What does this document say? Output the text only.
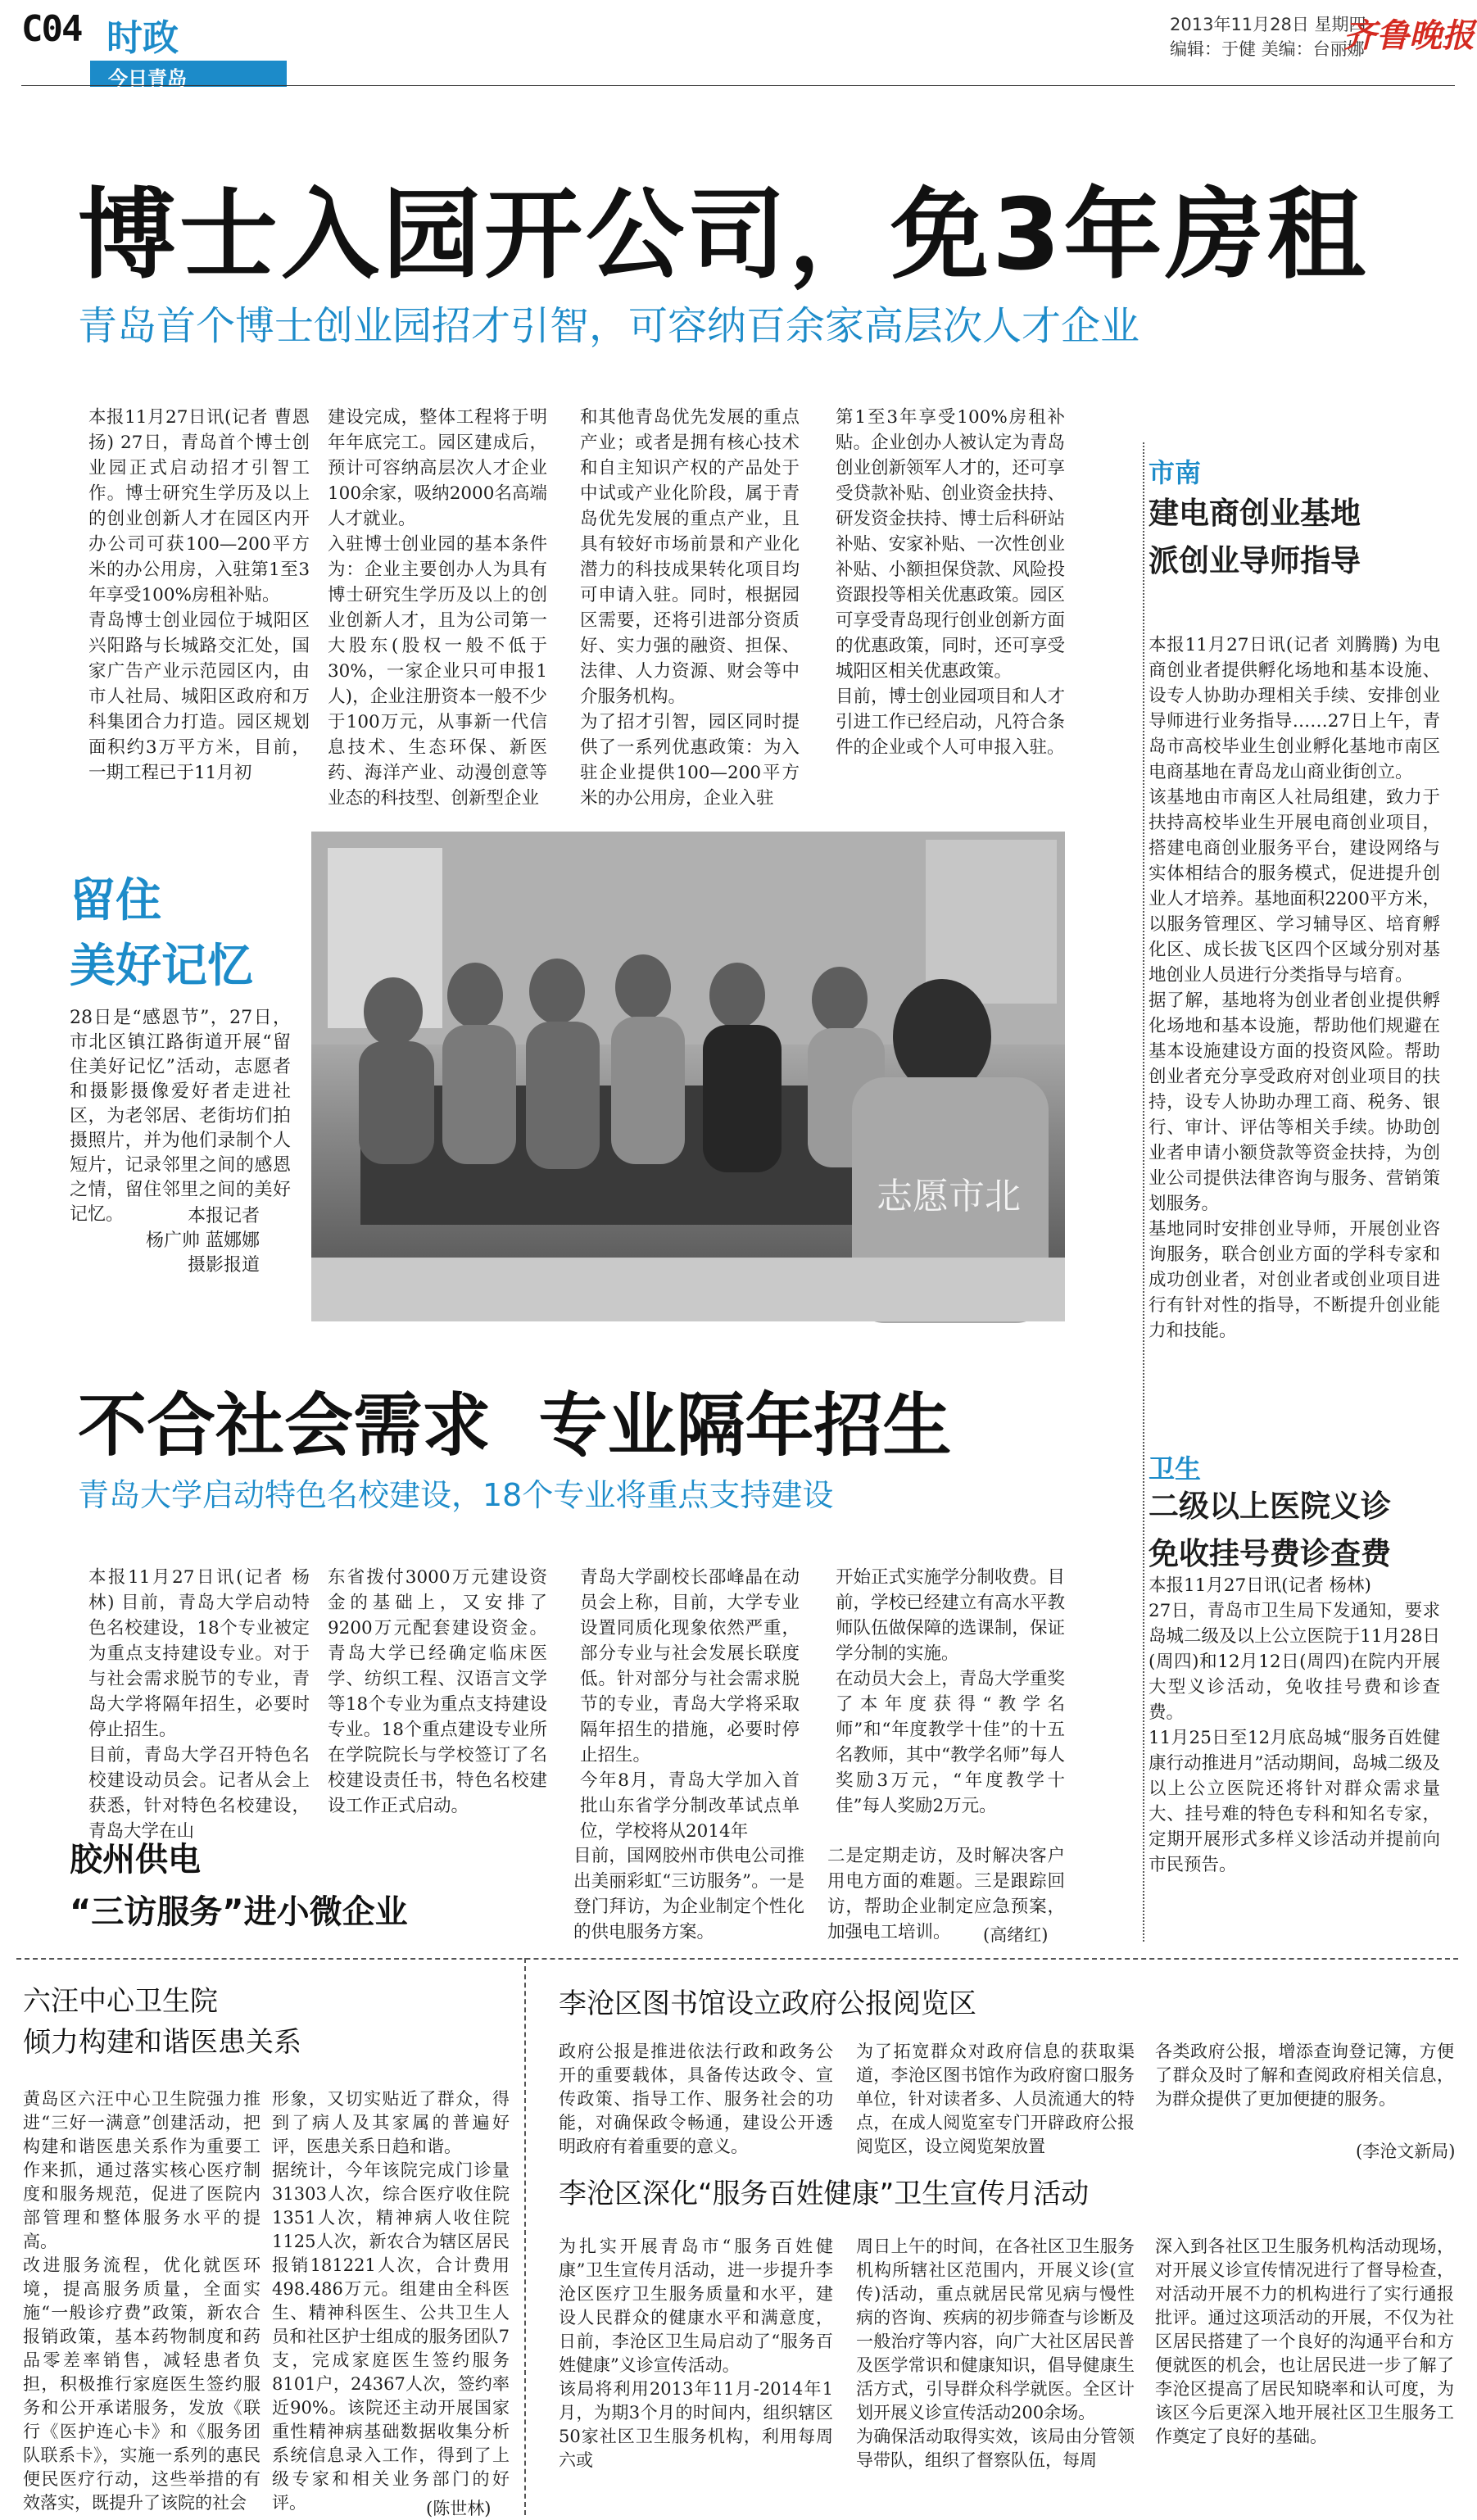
C04 时政
今日青岛
2013年11月28日 星期四
编辑：于健 美编：台丽娜
齐鲁晚报
博士入园开公司，免3年房租
青岛首个博士创业园招才引智，可容纳百余家高层次人才企业
本报11月27日讯(记者 曹恩扬) 27日，青岛首个博士创业园正式启动招才引智工作。博士研究生学历及以上的创业创新人才在园区内开办公司可获100—200平方米的办公用房，入驻第1至3年享受100%房租补贴。
青岛博士创业园位于城阳区兴阳路与长城路交汇处，国家广告产业示范园区内，由市人社局、城阳区政府和万科集团合力打造。园区规划面积约3万平方米，目前，一期工程已于11月初
建设完成，整体工程将于明年年底完工。园区建成后，预计可容纳高层次人才企业100余家，吸纳2000名高端人才就业。
入驻博士创业园的基本条件为：企业主要创办人为具有博士研究生学历及以上的创业创新人才，且为公司第一大股东(股权一般不低于30%，一家企业只可申报1人)，企业注册资本一般不少于100万元，从事新一代信息技术、生态环保、新医药、海洋产业、动漫创意等业态的科技型、创新型企业
和其他青岛优先发展的重点产业；或者是拥有核心技术和自主知识产权的产品处于中试或产业化阶段，属于青岛优先发展的重点产业，且具有较好市场前景和产业化潜力的科技成果转化项目均可申请入驻。同时，根据园区需要，还将引进部分资质好、实力强的融资、担保、法律、人力资源、财会等中介服务机构。
为了招才引智，园区同时提供了一系列优惠政策：为入驻企业提供100—200平方米的办公用房，企业入驻
第1至3年享受100%房租补贴。企业创办人被认定为青岛创业创新领军人才的，还可享受贷款补贴、创业资金扶持、研发资金扶持、博士后科研站补贴、安家补贴、一次性创业补贴、小额担保贷款、风险投资跟投等相关优惠政策。园区可享受青岛现行创业创新方面的优惠政策，同时，还可享受城阳区相关优惠政策。
目前，博士创业园项目和人才引进工作已经启动，凡符合条件的企业或个人可申报入驻。
留住
美好记忆
28日是“感恩节”，27日，市北区镇江路街道开展“留住美好记忆”活动，志愿者和摄影摄像爱好者走进社区，为老邻居、老街坊们拍摄照片，并为他们录制个人短片，记录邻里之间的感恩之情，留住邻里之间的美好记忆。	本报记者
杨广帅 蓝娜娜
摄影报道
志愿市北
不合社会需求  专业隔年招生
青岛大学启动特色名校建设，18个专业将重点支持建设
本报11月27日讯(记者 杨林) 目前，青岛大学启动特色名校建设，18个专业被定为重点支持建设专业。对于与社会需求脱节的专业，青岛大学将隔年招生，必要时停止招生。
目前，青岛大学召开特色名校建设动员会。记者从会上获悉，针对特色名校建设，青岛大学在山
东省拨付3000万元建设资金的基础上，又安排了9200万元配套建设资金。青岛大学已经确定临床医学、纺织工程、汉语言文学等18个专业为重点支持建设专业。18个重点建设专业所在学院院长与学校签订了名校建设责任书，特色名校建设工作正式启动。
青岛大学副校长邵峰晶在动员会上称，目前，大学专业设置同质化现象依然严重，部分专业与社会发展长联度低。针对部分与社会需求脱节的专业，青岛大学将采取隔年招生的措施，必要时停止招生。
今年8月，青岛大学加入首批山东省学分制改革试点单位，学校将从2014年
开始正式实施学分制收费。目前，学校已经建立有高水平教师队伍做保障的选课制，保证学分制的实施。
在动员大会上，青岛大学重奖了本年度获得“教学名师”和“年度教学十佳”的十五名教师，其中“教学名师”每人奖励3万元，“年度教学十佳”每人奖励2万元。
胶州供电
“三访服务”进小微企业
目前，国网胶州市供电公司推出美丽彩虹“三访服务”。一是登门拜访，为企业制定个性化的供电服务方案。
二是定期走访，及时解决客户用电方面的难题。三是跟踪回访，帮助企业制定应急预案，加强电工培训。	(高绪红)
市南
建电商创业基地
派创业导师指导
本报11月27日讯(记者 刘腾腾) 为电商创业者提供孵化场地和基本设施、设专人协助办理相关手续、安排创业导师进行业务指导……27日上午，青岛市高校毕业生创业孵化基地市南区电商基地在青岛龙山商业街创立。
该基地由市南区人社局组建，致力于扶持高校毕业生开展电商创业项目，搭建电商创业服务平台，建设网络与实体相结合的服务模式，促进提升创业人才培养。基地面积2200平方米，以服务管理区、学习辅导区、培育孵化区、成长拔飞区四个区域分别对基地创业人员进行分类指导与培育。
据了解，基地将为创业者创业提供孵化场地和基本设施，帮助他们规避在基本设施建设方面的投资风险。帮助创业者充分享受政府对创业项目的扶持，设专人协助办理工商、税务、银行、审计、评估等相关手续。协助创业者申请小额贷款等资金扶持，为创业公司提供法律咨询与服务、营销策划服务。
基地同时安排创业导师，开展创业咨询服务，联合创业方面的学科专家和成功创业者，对创业者或创业项目进行有针对性的指导，不断提升创业能力和技能。
卫生
二级以上医院义诊
免收挂号费诊查费
本报11月27日讯(记者 杨林)
27日，青岛市卫生局下发通知，要求岛城二级及以上公立医院于11月28日(周四)和12月12日(周四)在院内开展大型义诊活动，免收挂号费和诊查费。
11月25日至12月底岛城“服务百姓健康行动推进月”活动期间，岛城二级及以上公立医院还将针对群众需求量大、挂号难的特色专科和知名专家，定期开展形式多样义诊活动并提前向市民预告。
六汪中心卫生院
倾力构建和谐医患关系
黄岛区六汪中心卫生院强力推进“三好一满意”创建活动，把构建和谐医患关系作为重要工作来抓，通过落实核心医疗制度和服务规范，促进了医院内部管理和整体服务水平的提高。
改进服务流程，优化就医环境，提高服务质量，全面实施“一般诊疗费”政策，新农合报销政策，基本药物制度和药品零差率销售，减轻患者负担，积极推行家庭医生签约服务和公开承诺服务，发放《联行《医护连心卡》和《服务团队联系卡》，实施一系列的惠民便民医疗行动，这些举措的有效落实，既提升了该院的社会
形象，又切实贴近了群众，得到了病人及其家属的普遍好评，医患关系日趋和谐。
据统计，今年该院完成门诊量31303人次，综合医疗收住院1351人次，精神病人收住院1125人次，新农合为辖区居民报销181221人次，合计费用498.486万元。组建由全科医生、精神科医生、公共卫生人员和社区护士组成的服务团队7支，完成家庭医生签约服务8101户，24367人次，签约率近90%。该院还主动开展国家重性精神病基础数据收集分析系统信息录入工作，得到了上级专家和相关业务部门的好评。	(陈世林)
李沧区图书馆设立政府公报阅览区
政府公报是推进依法行政和政务公开的重要载体，具备传达政令、宣传政策、指导工作、服务社会的功能，对确保政令畅通，建设公开透明政府有着重要的意义。
为了拓宽群众对政府信息的获取渠道，李沧区图书馆作为政府窗口服务单位，针对读者多、人员流通大的特点，在成人阅览室专门开辟政府公报阅览区，设立阅览架放置
各类政府公报，增添查询登记簿，方便了群众及时了解和查阅政府相关信息，为群众提供了更加便捷的服务。
(李沧文新局)
李沧区深化“服务百姓健康”卫生宣传月活动
为扎实开展青岛市“服务百姓健康”卫生宣传月活动，进一步提升李沧区医疗卫生服务质量和水平，建设人民群众的健康水平和满意度，日前，李沧区卫生局启动了“服务百姓健康”义诊宣传活动。
该局将利用2013年11月-2014年1月，为期3个月的时间内，组织辖区50家社区卫生服务机构，利用每周六或
周日上午的时间，在各社区卫生服务机构所辖社区范围内，开展义诊(宣传)活动，重点就居民常见病与慢性病的咨询、疾病的初步筛查与诊断及一般治疗等内容，向广大社区居民普及医学常识和健康知识，倡导健康生活方式，引导群众科学就医。全区计划开展义诊宣传活动200余场。
为确保活动取得实效，该局由分管领导带队，组织了督察队伍，每周
深入到各社区卫生服务机构活动现场，对开展义诊宣传情况进行了督导检查，对活动开展不力的机构进行了实行通报批评。通过这项活动的开展，不仅为社区居民搭建了一个良好的沟通平台和方便就医的机会，也让居民进一步了解了李沧区提高了居民知晓率和认可度，为该区今后更深入地开展社区卫生服务工作奠定了良好的基础。
